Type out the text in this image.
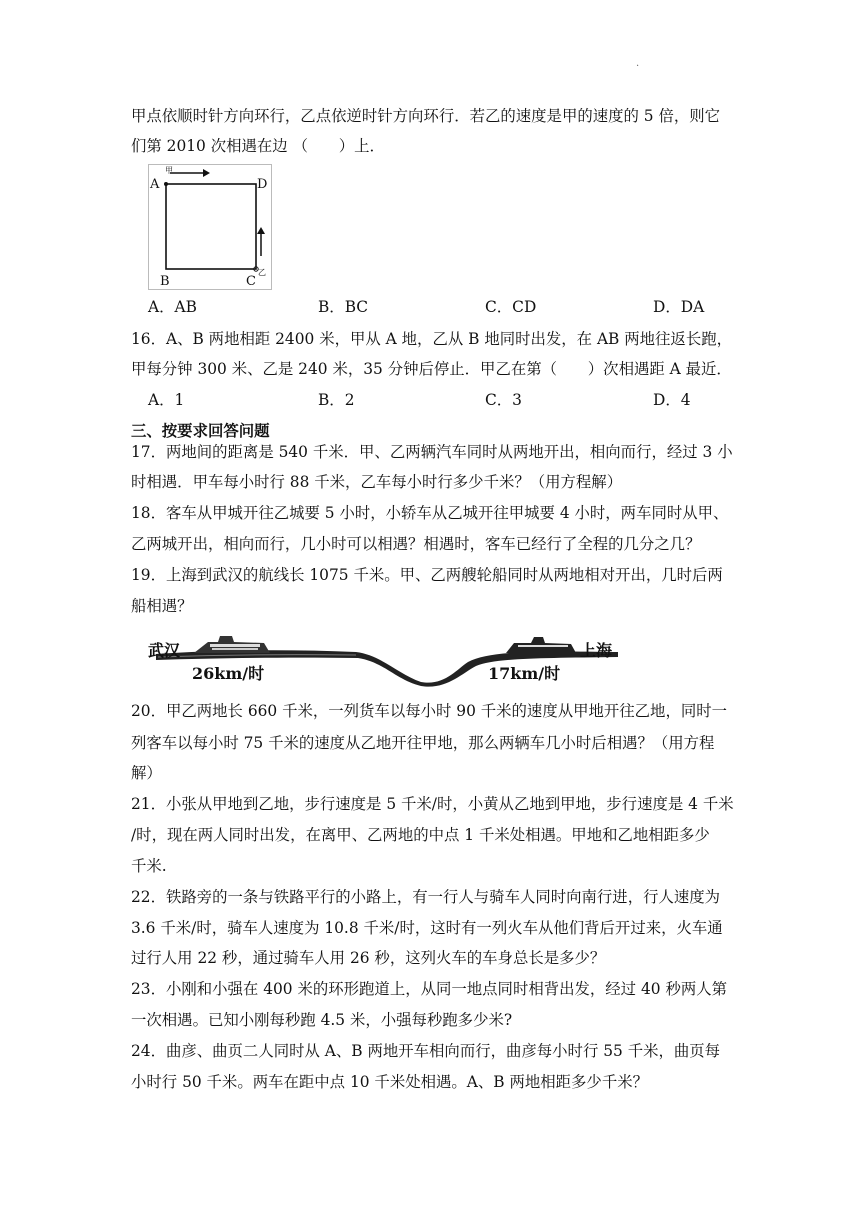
.
甲点依顺时针方向环行，乙点依逆时针方向环行．若乙的速度是甲的速度的 5 倍，则它
们第 2010 次相遇在边 （　　）上．
甲
乙
A	D
B	C
A．AB	B．BC	C．CD	D．DA
16．A、B 两地相距 2400 米，甲从 A 地，乙从 B 地同时出发，在 AB 两地往返长跑，
甲每分钟 300 米、乙是 240 米，35 分钟后停止．甲乙在第（　　）次相遇距 A 最近．
A．1	B．2	C．3	D．4
三、按要求回答问题
17．两地间的距离是 540 千米．甲、乙两辆汽车同时从两地开出，相向而行，经过 3 小
时相遇．甲车每小时行 88 千米，乙车每小时行多少千米？（用方程解）
18．客车从甲城开往乙城要 5 小时，小轿车从乙城开往甲城要 4 小时，两车同时从甲、
乙两城开出，相向而行，几小时可以相遇？相遇时，客车已经行了全程的几分之几？
19．上海到武汉的航线长 1075 千米。甲、乙两艘轮船同时从两地相对开出，几时后两
船相遇？
武汉
26km/时
上海
17km/时
20．甲乙两地长 660 千米，一列货车以每小时 90 千米的速度从甲地开往乙地，同时一
列客车以每小时 75 千米的速度从乙地开往甲地，那么两辆车几小时后相遇？（用方程
解）
21．小张从甲地到乙地，步行速度是 5 千米/时，小黄从乙地到甲地，步行速度是 4 千米
/时，现在两人同时出发，在离甲、乙两地的中点 1 千米处相遇。甲地和乙地相距多少
千米.
22．铁路旁的一条与铁路平行的小路上，有一行人与骑车人同时向南行进，行人速度为
3.6 千米/时，骑车人速度为 10.8 千米/时，这时有一列火车从他们背后开过来，火车通
过行人用 22 秒，通过骑车人用 26 秒，这列火车的车身总长是多少？
23．小刚和小强在 400 米的环形跑道上，从同一地点同时相背出发，经过 40 秒两人第
一次相遇。已知小刚每秒跑 4.5 米，小强每秒跑多少米?
24．曲彦、曲页二人同时从 A、B 两地开车相向而行，曲彦每小时行 55 千米，曲页每
小时行 50 千米。两车在距中点 10 千米处相遇。A、B 两地相距多少千米？
